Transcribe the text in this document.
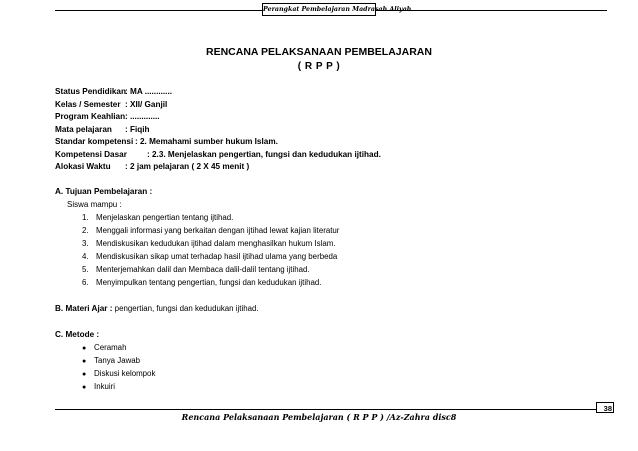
Perangkat Pembelajaran Madrasah Aliyah
RENCANA PELAKSANAAN PEMBELAJARAN
( R P P )
Status Pendidikan: MA ............
Kelas / Semester : XII/ Ganjil
Program Keahlian: .............
Mata pelajaran : Fiqih
Standar kompetensi : 2. Memahami sumber hukum Islam.
Kompetensi Dasar : 2.3. Menjelaskan pengertian, fungsi dan kedudukan ijtihad.
Alokasi Waktu : 2 jam pelajaran ( 2 X 45 menit )
A. Tujuan Pembelajaran :
Siswa mampu :
1. Menjelaskan pengertian tentang ijtihad.
2. Menggali informasi yang berkaitan dengan ijtihad lewat kajian literatur
3. Mendiskusikan kedudukan ijtihad dalam menghasilkan hukum Islam.
4. Mendiskusikan sikap umat terhadap hasil ijtihad ulama yang berbeda
5. Menterjemahkan dalil dan Membaca dalil-dalil tentang ijtihad.
6. Menyimpulkan tentang pengertian, fungsi dan kedudukan ijtihad.
B. Materi Ajar : pengertian, fungsi dan kedudukan ijtihad.
C. Metode :
● Ceramah
● Tanya Jawab
● Diskusi kelompok
● Inkuiri
38
Rencana Pelaksanaan Pembelajaran ( R P P ) /Az-Zahra disc8
